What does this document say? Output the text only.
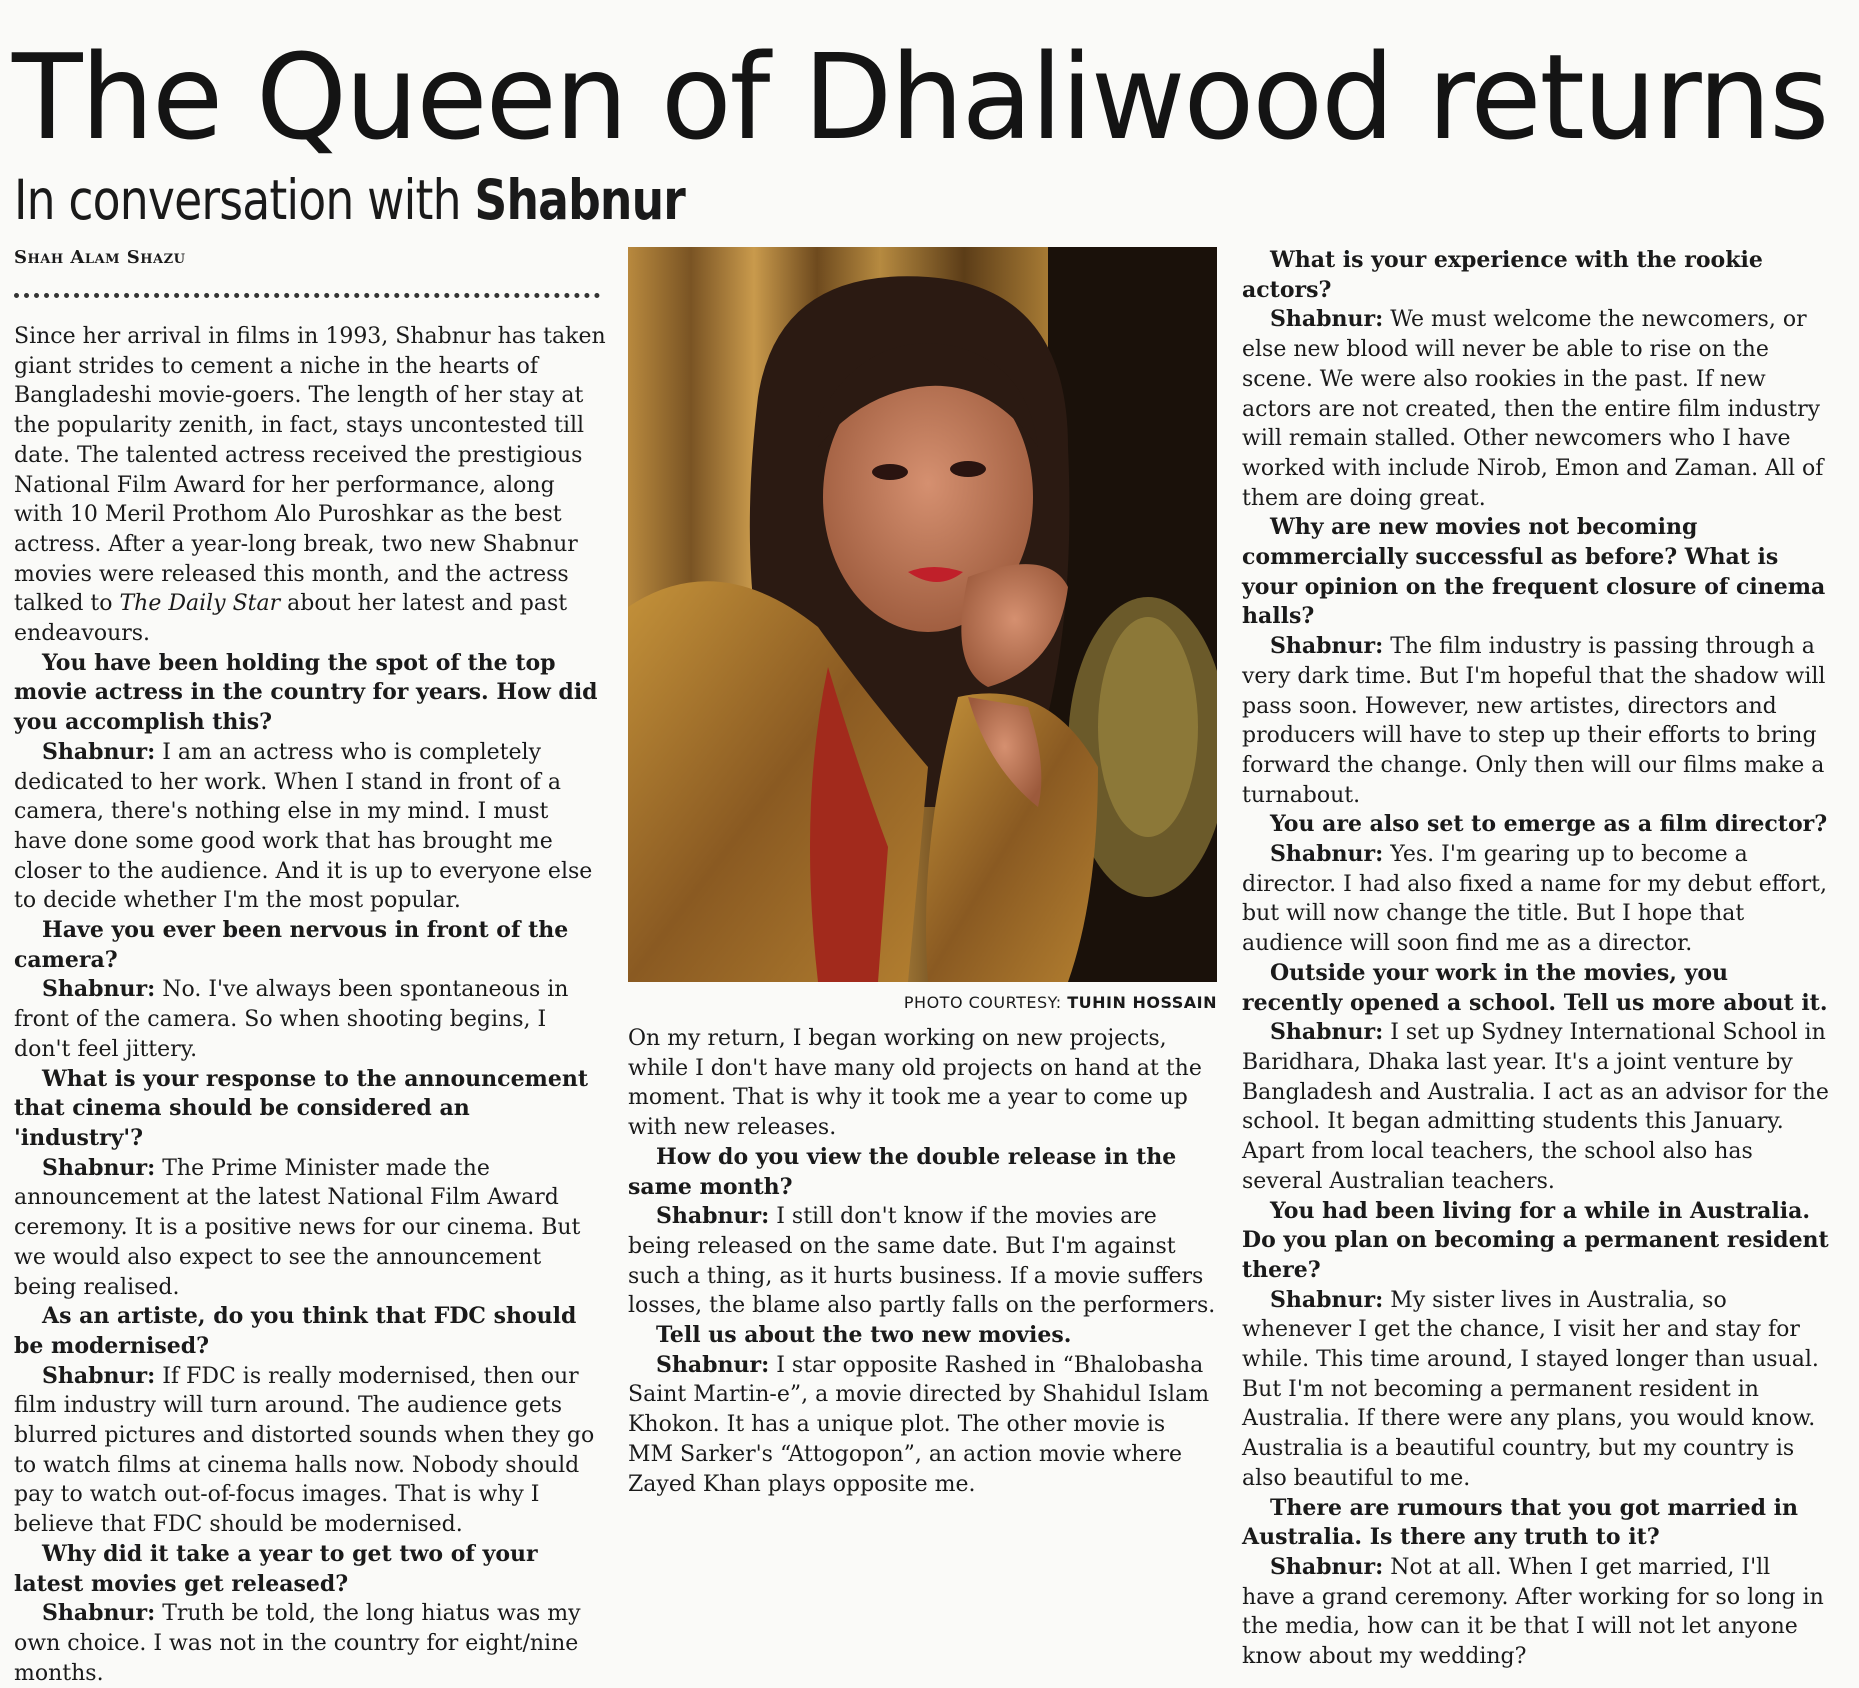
The Queen of Dhaliwood returns
In conversation with Shabnur
Shah Alam Shazu
PHOTO COURTESY: TUHIN HOSSAIN

Since her arrival in films in 1993, Shabnur has taken giant strides to cement a niche in the hearts of Bangladeshi movie-goers. The length of her stay at the popularity zenith, in fact, stays uncontested till date. The talented actress received the prestigious National Film Award for her performance, along with 10 Meril Prothom Alo Puroshkar as the best actress. After a year-long break, two new Shabnur movies were released this month, and the actress talked to The Daily Star about her latest and past endeavours.

You have been holding the spot of the top movie actress in the country for years. How did you accomplish this?

Shabnur: I am an actress who is completely dedicated to her work. When I stand in front of a camera, there's nothing else in my mind. I must have done some good work that has brought me closer to the audience. And it is up to everyone else to decide whether I'm the most popular.

Have you ever been nervous in front of the camera?

Shabnur: No. I've always been spontaneous in front of the camera. So when shooting begins, I don't feel jittery.

What is your response to the announcement that cinema should be considered an 'industry'?

Shabnur: The Prime Minister made the announcement at the latest National Film Award ceremony. It is a positive news for our cinema. But we would also expect to see the announcement being realised.

As an artiste, do you think that FDC should be modernised?

Shabnur: If FDC is really modernised, then our film industry will turn around. The audience gets blurred pictures and distorted sounds when they go to watch films at cinema halls now. Nobody should pay to watch out-of-focus images. That is why I believe that FDC should be modernised.

Why did it take a year to get two of your latest movies get released?

Shabnur: Truth be told, the long hiatus was my own choice. I was not in the country for eight/nine months.

On my return, I began working on new projects, while I don't have many old projects on hand at the moment. That is why it took me a year to come up with new releases.

How do you view the double release in the same month?

Shabnur: I still don't know if the movies are being released on the same date. But I'm against such a thing, as it hurts business. If a movie suffers losses, the blame also partly falls on the performers.

Tell us about the two new movies.

Shabnur: I star opposite Rashed in “Bhalobasha Saint Martin-e”, a movie directed by Shahidul Islam Khokon. It has a unique plot. The other movie is MM Sarker's “Attogopon”, an action movie where Zayed Khan plays opposite me.

What is your experience with the rookie actors?

Shabnur: We must welcome the newcomers, or else new blood will never be able to rise on the scene. We were also rookies in the past. If new actors are not created, then the entire film industry will remain stalled. Other newcomers who I have worked with include Nirob, Emon and Zaman. All of them are doing great.

Why are new movies not becoming commercially successful as before? What is your opinion on the frequent closure of cinema halls?

Shabnur: The film industry is passing through a very dark time. But I'm hopeful that the shadow will pass soon. However, new artistes, directors and producers will have to step up their efforts to bring forward the change. Only then will our films make a turnabout.

You are also set to emerge as a film director?

Shabnur: Yes. I'm gearing up to become a director. I had also fixed a name for my debut effort, but will now change the title. But I hope that audience will soon find me as a director.

Outside your work in the movies, you recently opened a school. Tell us more about it.

Shabnur: I set up Sydney International School in Baridhara, Dhaka last year. It's a joint venture by Bangladesh and Australia. I act as an advisor for the school. It began admitting students this January. Apart from local teachers, the school also has several Australian teachers.

You had been living for a while in Australia. Do you plan on becoming a permanent resident there?

Shabnur: My sister lives in Australia, so whenever I get the chance, I visit her and stay for while. This time around, I stayed longer than usual. But I'm not becoming a permanent resident in Australia. If there were any plans, you would know. Australia is a beautiful country, but my country is also beautiful to me.

There are rumours that you got married in Australia. Is there any truth to it?

Shabnur: Not at all. When I get married, I'll have a grand ceremony. After working for so long in the media, how can it be that I will not let anyone know about my wedding?
